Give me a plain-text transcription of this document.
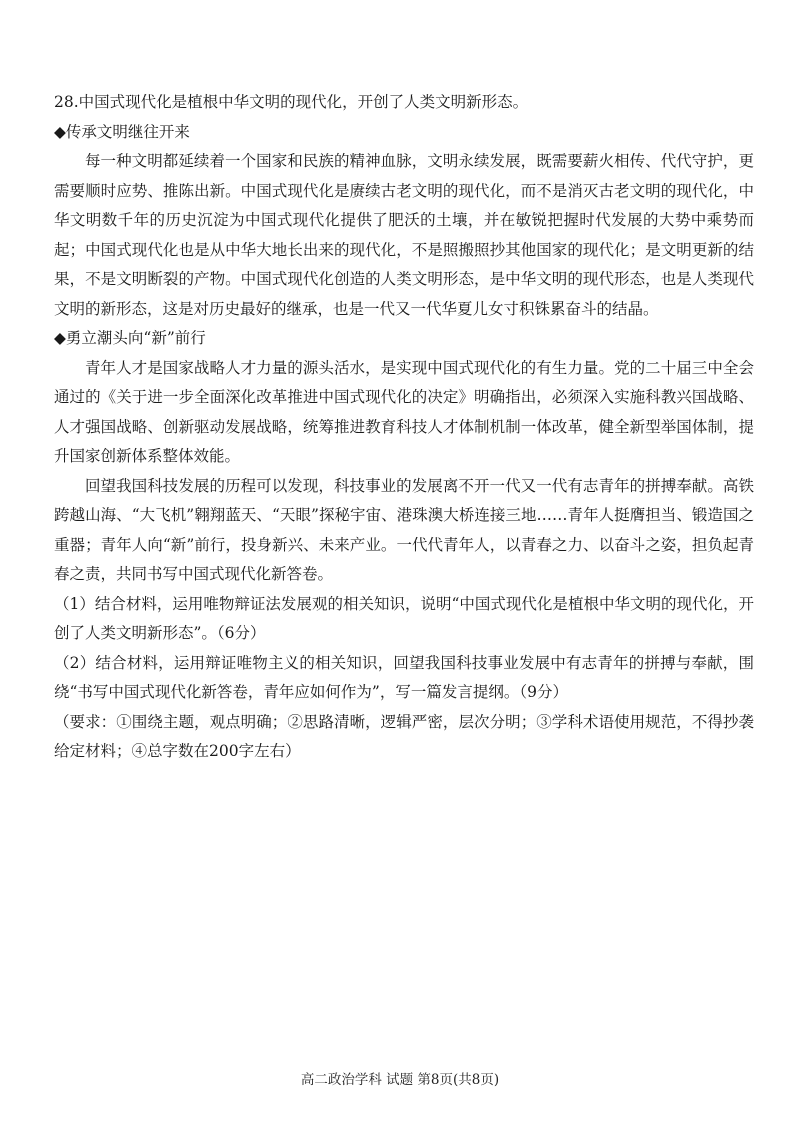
28.中国式现代化是植根中华文明的现代化，开创了人类文明新形态。

◆传承文明继往开来

每一种文明都延续着一个国家和民族的精神血脉，文明永续发展，既需要薪火相传、代代守护，更需要顺时应势、推陈出新。中国式现代化是赓续古老文明的现代化，而不是消灭古老文明的现代化，中华文明数千年的历史沉淀为中国式现代化提供了肥沃的土壤，并在敏锐把握时代发展的大势中乘势而起；中国式现代化也是从中华大地长出来的现代化，不是照搬照抄其他国家的现代化；是文明更新的结果，不是文明断裂的产物。中国式现代化创造的人类文明形态，是中华文明的现代形态，也是人类现代文明的新形态，这是对历史最好的继承，也是一代又一代华夏儿女寸积铢累奋斗的结晶。

◆勇立潮头向“新”前行

青年人才是国家战略人才力量的源头活水，是实现中国式现代化的有生力量。党的二十届三中全会通过的《关于进一步全面深化改革推进中国式现代化的决定》明确指出，必须深入实施科教兴国战略、人才强国战略、创新驱动发展战略，统筹推进教育科技人才体制机制一体改革，健全新型举国体制，提升国家创新体系整体效能。

回望我国科技发展的历程可以发现，科技事业的发展离不开一代又一代有志青年的拼搏奉献。高铁跨越山海、“大飞机”翱翔蓝天、“天眼”探秘宇宙、港珠澳大桥连接三地……青年人挺膺担当、锻造国之重器；青年人向“新”前行，投身新兴、未来产业。一代代青年人，以青春之力、以奋斗之姿，担负起青春之责，共同书写中国式现代化新答卷。

（1）结合材料，运用唯物辩证法发展观的相关知识，说明“中国式现代化是植根中华文明的现代化，开创了人类文明新形态”。（6分）

（2）结合材料，运用辩证唯物主义的相关知识，回望我国科技事业发展中有志青年的拼搏与奉献，围绕“书写中国式现代化新答卷，青年应如何作为”，写一篇发言提纲。（9分）

（要求：①围绕主题，观点明确；②思路清晰，逻辑严密，层次分明；③学科术语使用规范，不得抄袭给定材料；④总字数在200字左右）

高二政治学科 试题 第8页(共8页)
